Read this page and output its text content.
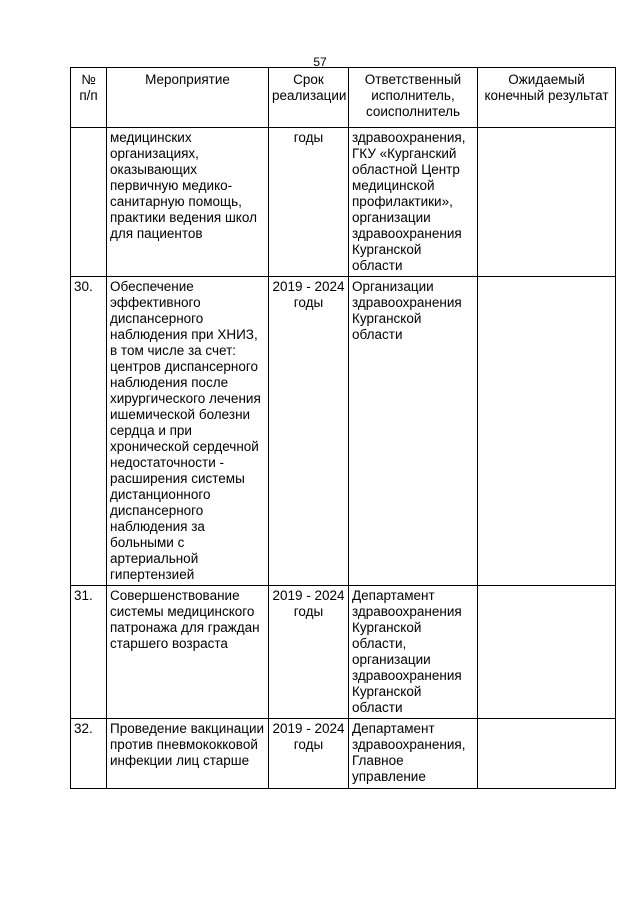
57
№ п/п	Мероприятие	Срок реализации	Ответственный исполнитель, соисполнитель	Ожидаемый конечный результат
	медицинских организациях, оказывающих первичную медико-санитарную помощь, практики ведения школ для пациентов	годы	здравоохранения, ГКУ «Курганский областной Центр медицинской профилактики», организации здравоохранения Курганской области	
30.	Обеспечение эффективного диспансерного наблюдения при ХНИЗ, в том числе за счет: центров диспансерного наблюдения после хирургического лечения ишемической болезни сердца и при хронической сердечной недостаточности - расширения системы дистанционного диспансерного наблюдения за больными с артериальной гипертензией	2019 - 2024 годы	Организации здравоохранения Курганской области	
31.	Совершенствование системы медицинского патронажа для граждан старшего возраста	2019 - 2024 годы	Департамент здравоохранения Курганской области, организации здравоохранения Курганской области	
32.	Проведение вакцинации против пневмококковой инфекции лиц старше	2019 - 2024 годы	Департамент здравоохранения, Главное управление	
